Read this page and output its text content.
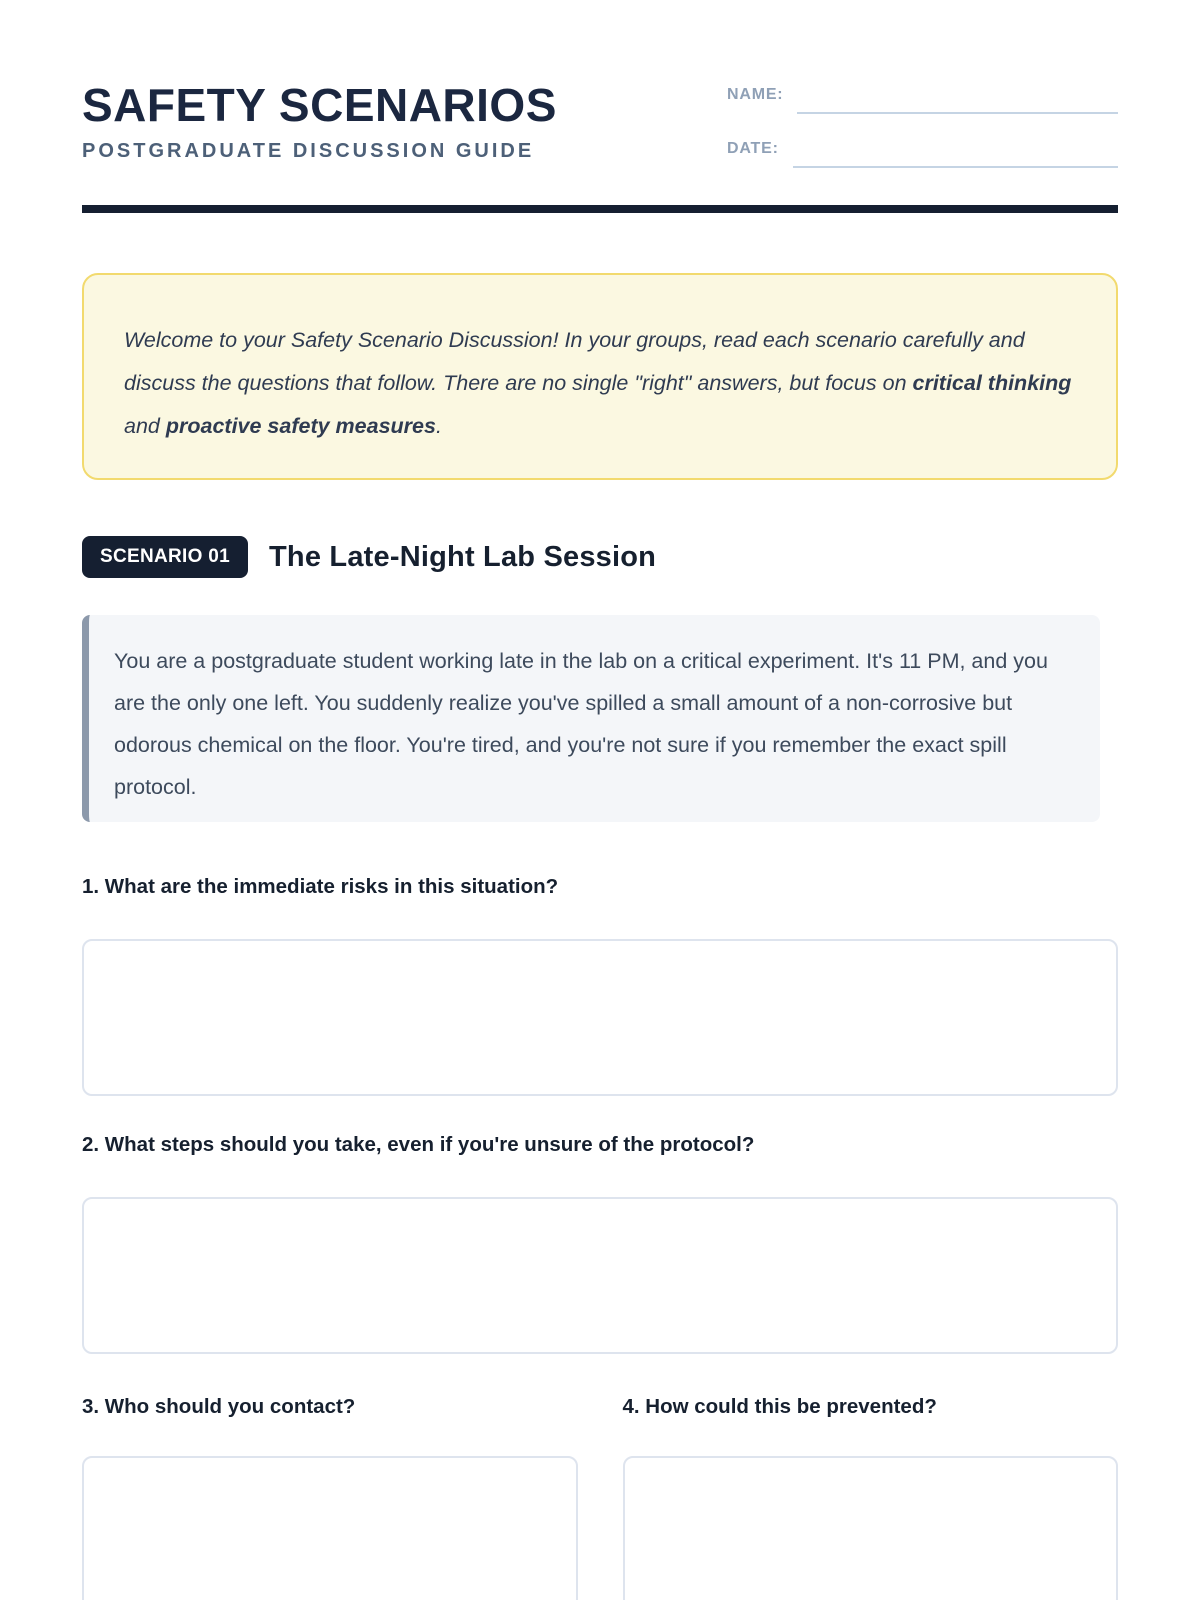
SAFETY SCENARIOS
POSTGRADUATE DISCUSSION GUIDE
NAME:
DATE:

Welcome to your Safety Scenario Discussion! In your groups, read each scenario carefully and discuss the questions that follow. There are no single "right" answers, but focus on critical thinking and proactive safety measures.

SCENARIO 01	The Late-Night Lab Session

You are a postgraduate student working late in the lab on a critical experiment. It's 11 PM, and you are the only one left. You suddenly realize you've spilled a small amount of a non-corrosive but odorous chemical on the floor. You're tired, and you're not sure if you remember the exact spill protocol.

1. What are the immediate risks in this situation?
2. What steps should you take, even if you're unsure of the protocol?
3. Who should you contact?	4. How could this be prevented?
